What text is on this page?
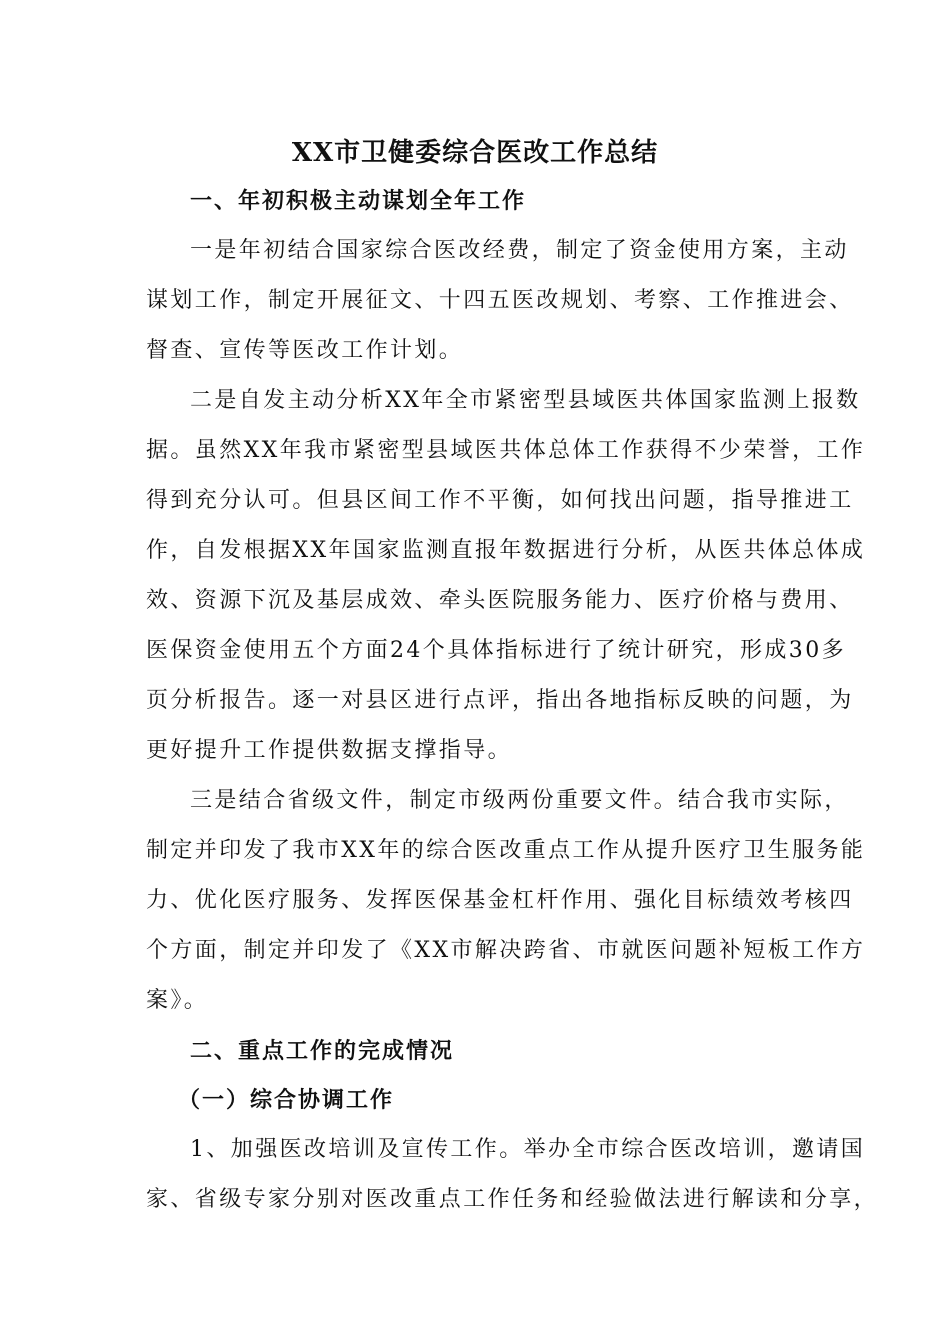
XX市卫健委综合医改工作总结
一、年初积极主动谋划全年工作
一是年初结合国家综合医改经费，制定了资金使用方案，主动
谋划工作，制定开展征文、十四五医改规划、考察、工作推进会、
督查、宣传等医改工作计划。
二是自发主动分析XX年全市紧密型县域医共体国家监测上报数
据。虽然XX年我市紧密型县域医共体总体工作获得不少荣誉，工作
得到充分认可。但县区间工作不平衡，如何找出问题，指导推进工
作，自发根据XX年国家监测直报年数据进行分析，从医共体总体成
效、资源下沉及基层成效、牵头医院服务能力、医疗价格与费用、
医保资金使用五个方面24个具体指标进行了统计研究，形成30多
页分析报告。逐一对县区进行点评，指出各地指标反映的问题，为
更好提升工作提供数据支撑指导。
三是结合省级文件，制定市级两份重要文件。结合我市实际，
制定并印发了我市XX年的综合医改重点工作从提升医疗卫生服务能
力、优化医疗服务、发挥医保基金杠杆作用、强化目标绩效考核四
个方面，制定并印发了《XX市解决跨省、市就医问题补短板工作方
案》。
二、重点工作的完成情况
（一）综合协调工作
1、加强医改培训及宣传工作。举办全市综合医改培训，邀请国
家、省级专家分别对医改重点工作任务和经验做法进行解读和分享，
